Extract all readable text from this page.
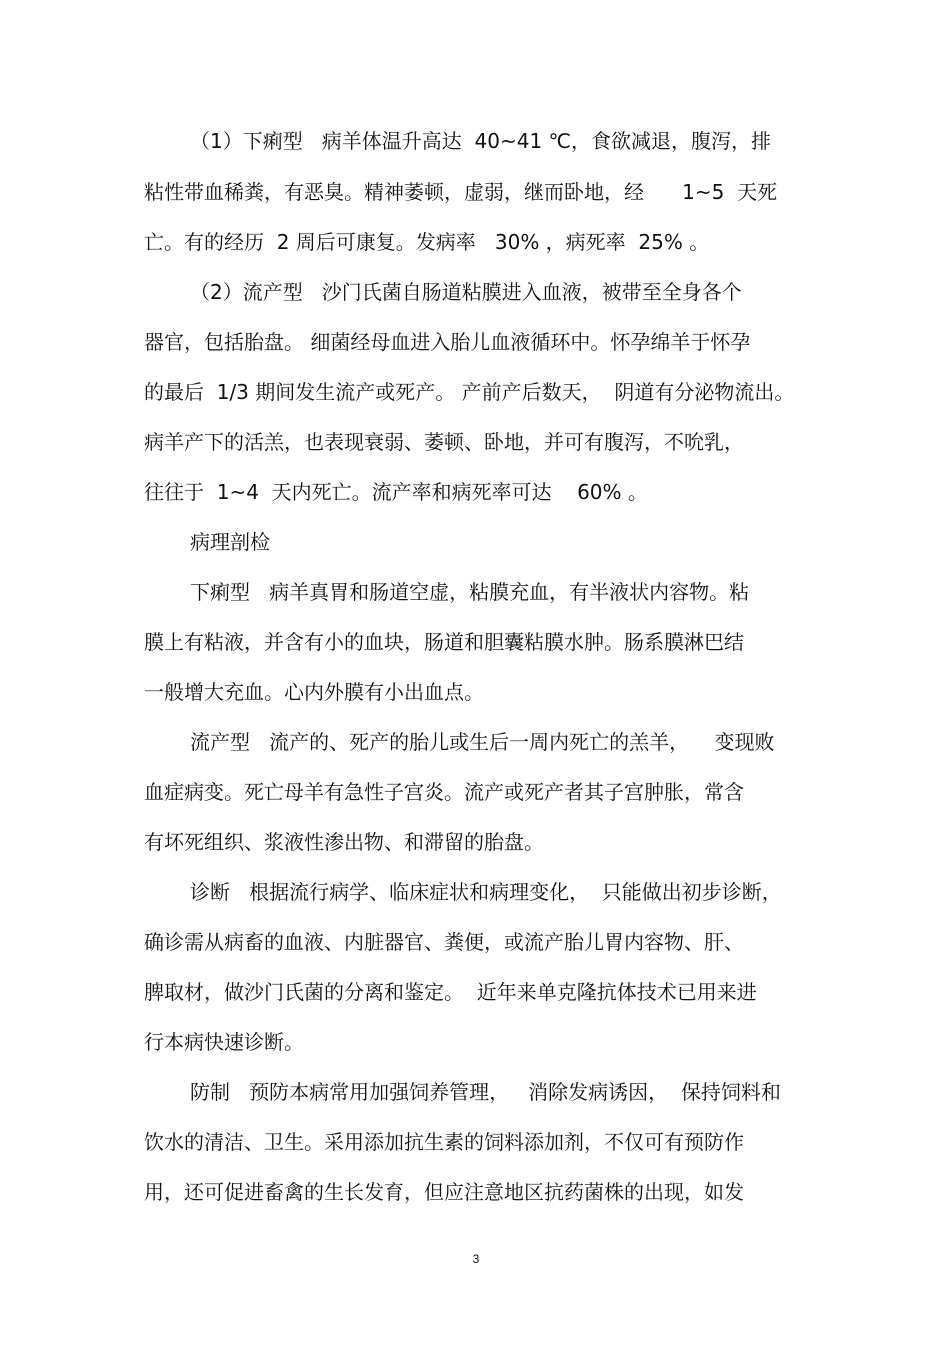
（1）下痢型   病羊体温升高达  40~41 ℃，食欲减退，腹泻，排
粘性带血稀粪，有恶臭。精神萎顿，虚弱，继而卧地，经      1~5  天死
亡。有的经历  2 周后可康复。发病率   30% ，病死率  25% 。
（2）流产型   沙门氏菌自肠道粘膜进入血液，被带至全身各个
器官，包括胎盘。 细菌经母血进入胎儿血液循环中。怀孕绵羊于怀孕
的最后  1/3 期间发生流产或死产。 产前产后数天，  阴道有分泌物流出。
病羊产下的活羔，也表现衰弱、萎顿、卧地，并可有腹泻，不吮乳，
往往于  1~4  天内死亡。流产率和病死率可达    60% 。
病理剖检
下痢型   病羊真胃和肠道空虚，粘膜充血，有半液状内容物。粘
膜上有粘液，并含有小的血块，肠道和胆囊粘膜水肿。肠系膜淋巴结
一般增大充血。心内外膜有小出血点。
流产型   流产的、死产的胎儿或生后一周内死亡的羔羊，    变现败
血症病变。死亡母羊有急性子宫炎。流产或死产者其子宫肿胀，常含
有坏死组织、浆液性渗出物、和滞留的胎盘。
诊断   根据流行病学、临床症状和病理变化，  只能做出初步诊断，
确诊需从病畜的血液、内脏器官、粪便，或流产胎儿胃内容物、肝、
脾取材，做沙门氏菌的分离和鉴定。  近年来单克隆抗体技术已用来进
行本病快速诊断。
防制   预防本病常用加强饲养管理，   消除发病诱因，  保持饲料和
饮水的清洁、卫生。采用添加抗生素的饲料添加剂，不仅可有预防作
用，还可促进畜禽的生长发育，但应注意地区抗药菌株的出现，如发
3
